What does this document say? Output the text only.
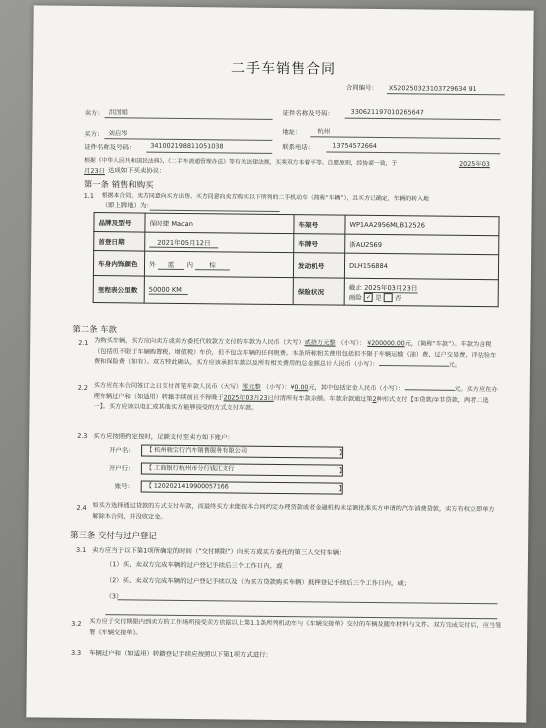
二手车销售合同
合同编号： XS20250323103729634 91
卖方： 洪国娟	证件名称及号码：	330621197010265647
买方： 刘启岑	地址： 杭州
证件名称及号码： 341002198811051038	联系电话：	13754572664
根据《中华人民共和国民法典》、《二手车流通管理办法》等有关法律法规，买卖双方本着平等、自愿原则，经协商一致，于	2025年03
月23日 达成如下买卖协议：
第一条 销售和购买
1.1 根据本合同，卖方同意向买方出售、买方同意向卖方购买以下所列的二手机动车（简称“车辆”），且买方已确定，车辆的转入地
（即上牌地）为：
品牌及型号	保时捷 Macan	车架号	WP1AA2956MLB12526
首登日期	2021年05月12日	车牌号	浙AU2S69
车身内饰颜色	外 蓝 内 棕	发动机号	DLH156884
里程表公里数	50000 KM	保险状况	截止 2025年03月23日
商险 ✓ 是 否
第二条 车款
2.1 为购买车辆，买方应向卖方或卖方委托代收款方支付的车款为人民币（大写）贰拾万元整 （小写）： ¥200000.00元，（简称“车款”）。车款为含税（包括但不限于车辆购置税、增值税）车价，但不包含车辆的任何税费。本条所称相关费用包括但不限于车辆运输（油）费、过户交易费、评估验车费和保险费（如有）。双方特此确认，买方应该承担车款以及所有相关费用的总金额总计人民币（小写）：	元。
2.2 买方应在本合同签订之日支付首笔车款人民币（大写）零元整 （小写）：¥0.00元，其中包括定金人民币（小写）：	元。买方应在办理车辆过户和（如适用）转籍手续前且不得晚于2025年03月23日付清所有车款余额。车款余款通过第2种形式支付【①贷款/②非贷款，两者二选一】。买方应该以电汇或其他买方能够接受的方式支付车款。
2.3 买方应按照约定按时，足额支付至卖方如下账户：
开户名：	【 杭州骏宝行汽车销售服务有限公司	】
开户行：	【 工商银行杭州市分行钱江支行	】
账号：	【 1202021419900057166	】
2.4 如买方选择通过贷款的方式支付车款，而最终买方未能按本合同约定办理贷款或者金融机构未足额批准买方申请的汽车消费贷款，卖方有权立即单方解除本合同，并没收定金。
第三条 交付与过户登记
3.1 卖方应当于以下第1项所确定的时间（“交付期限”）向买方或买方委托的第三人交付车辆：
（1）买、卖双方完成车辆的过户登记手续后三个工作日内，或
（2）买、卖双方完成车辆的过户登记手续以及（为买方贷款购买车辆）抵押登记手续后三个工作日内，或；
（3）
3.2 买方应于交付期限内到卖方的工作场所接受卖方依据以上第1.1条所列机动车与《车辆交接单》交付的车辆及随车材料与文件。双方完成交付后，应当签署《车辆交接单》。
3.3 车辆过户和（如适用）转籍登记手续应按照以下第1项方式进行：
